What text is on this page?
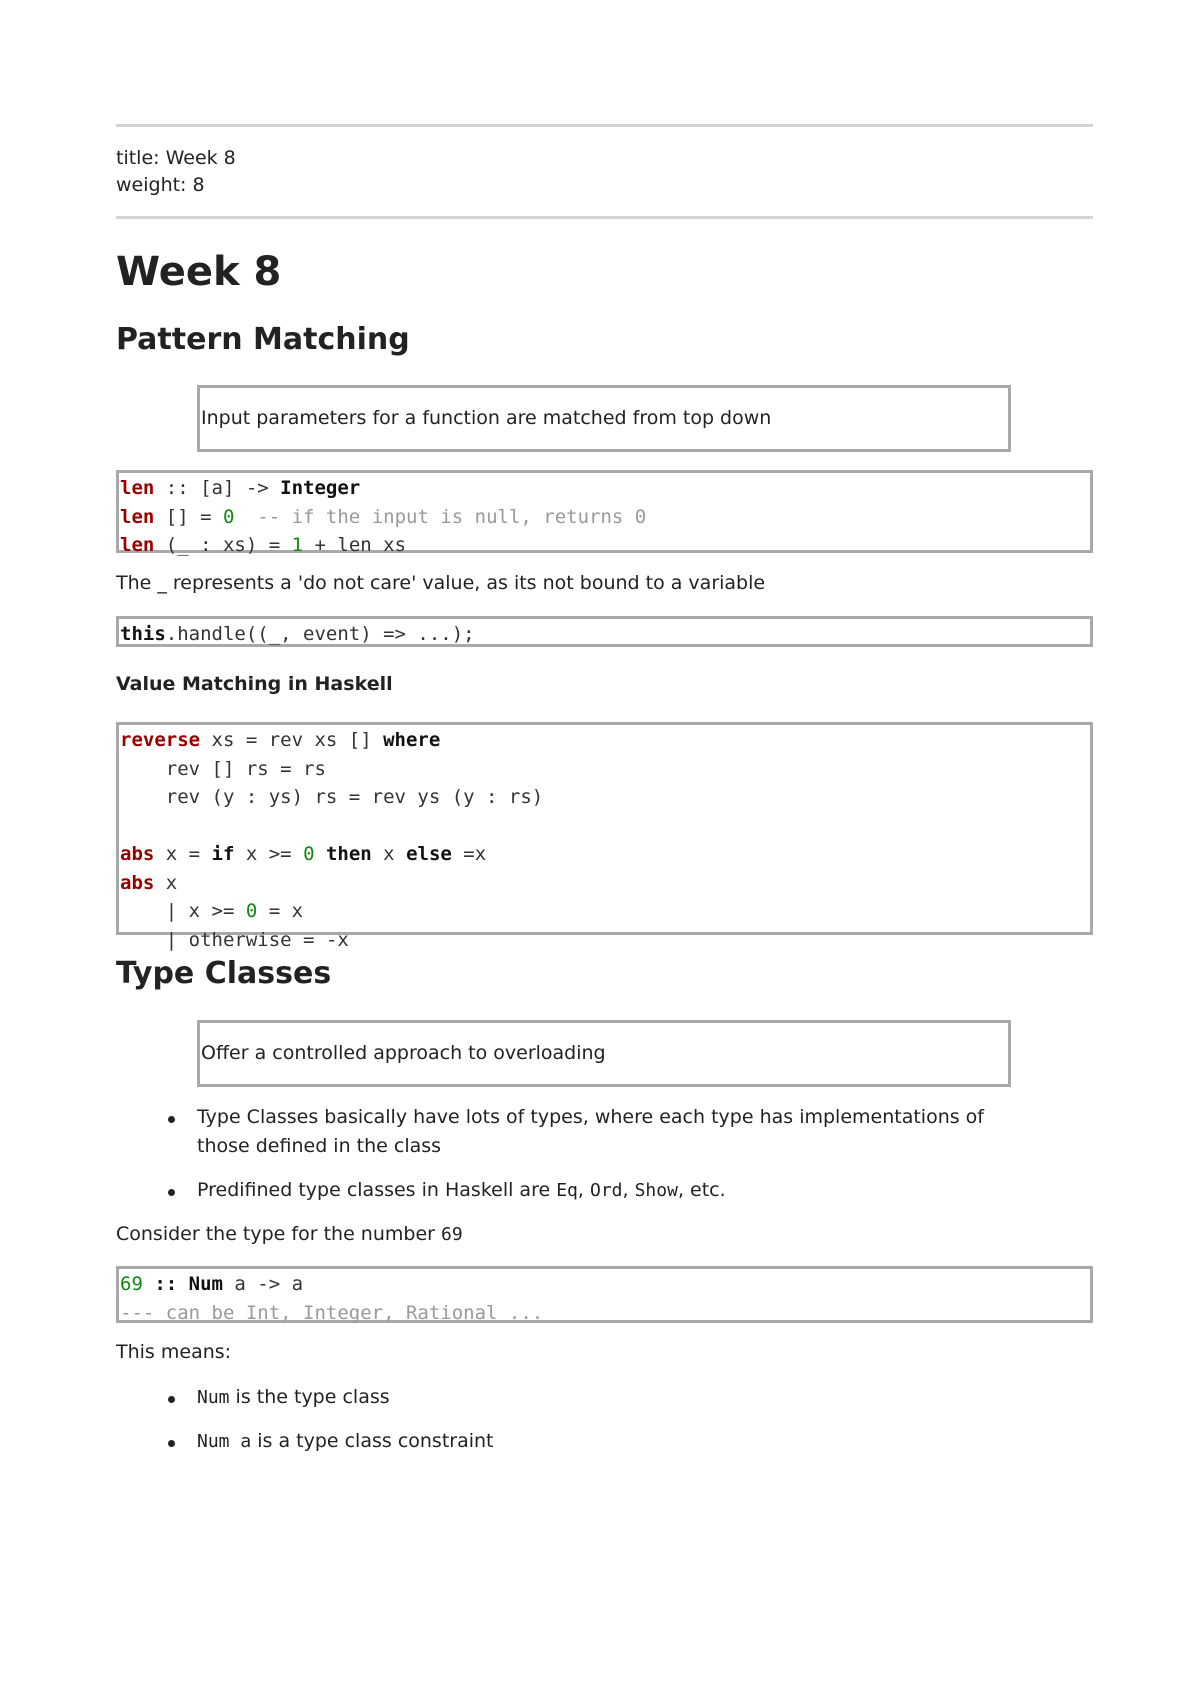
title: Week 8
weight: 8
Week 8
Pattern Matching
Input parameters for a function are matched from top down
len :: [a] -> Integer
len [] = 0  -- if the input is null, returns 0
len (_ : xs) = 1 + len xs
The _ represents a 'do not care' value, as its not bound to a variable
this.handle((_, event) => ...);
Value Matching in Haskell
reverse xs = rev xs [] where
rev [] rs = rs
rev (y : ys) rs = rev ys (y : rs)

abs x = if x >= 0 then x else =x
abs x
| x >= 0 = x
| otherwise = -x
Type Classes
Offer a controlled approach to overloading
Type Classes basically have lots of types, where each type has implementations of
those defined in the class
Predifined type classes in Haskell are Eq, Ord, Show, etc.
Consider the type for the number 69
69 :: Num a -> a
--- can be Int, Integer, Rational ...
This means:
Num is the type class
Num a is a type class constraint
